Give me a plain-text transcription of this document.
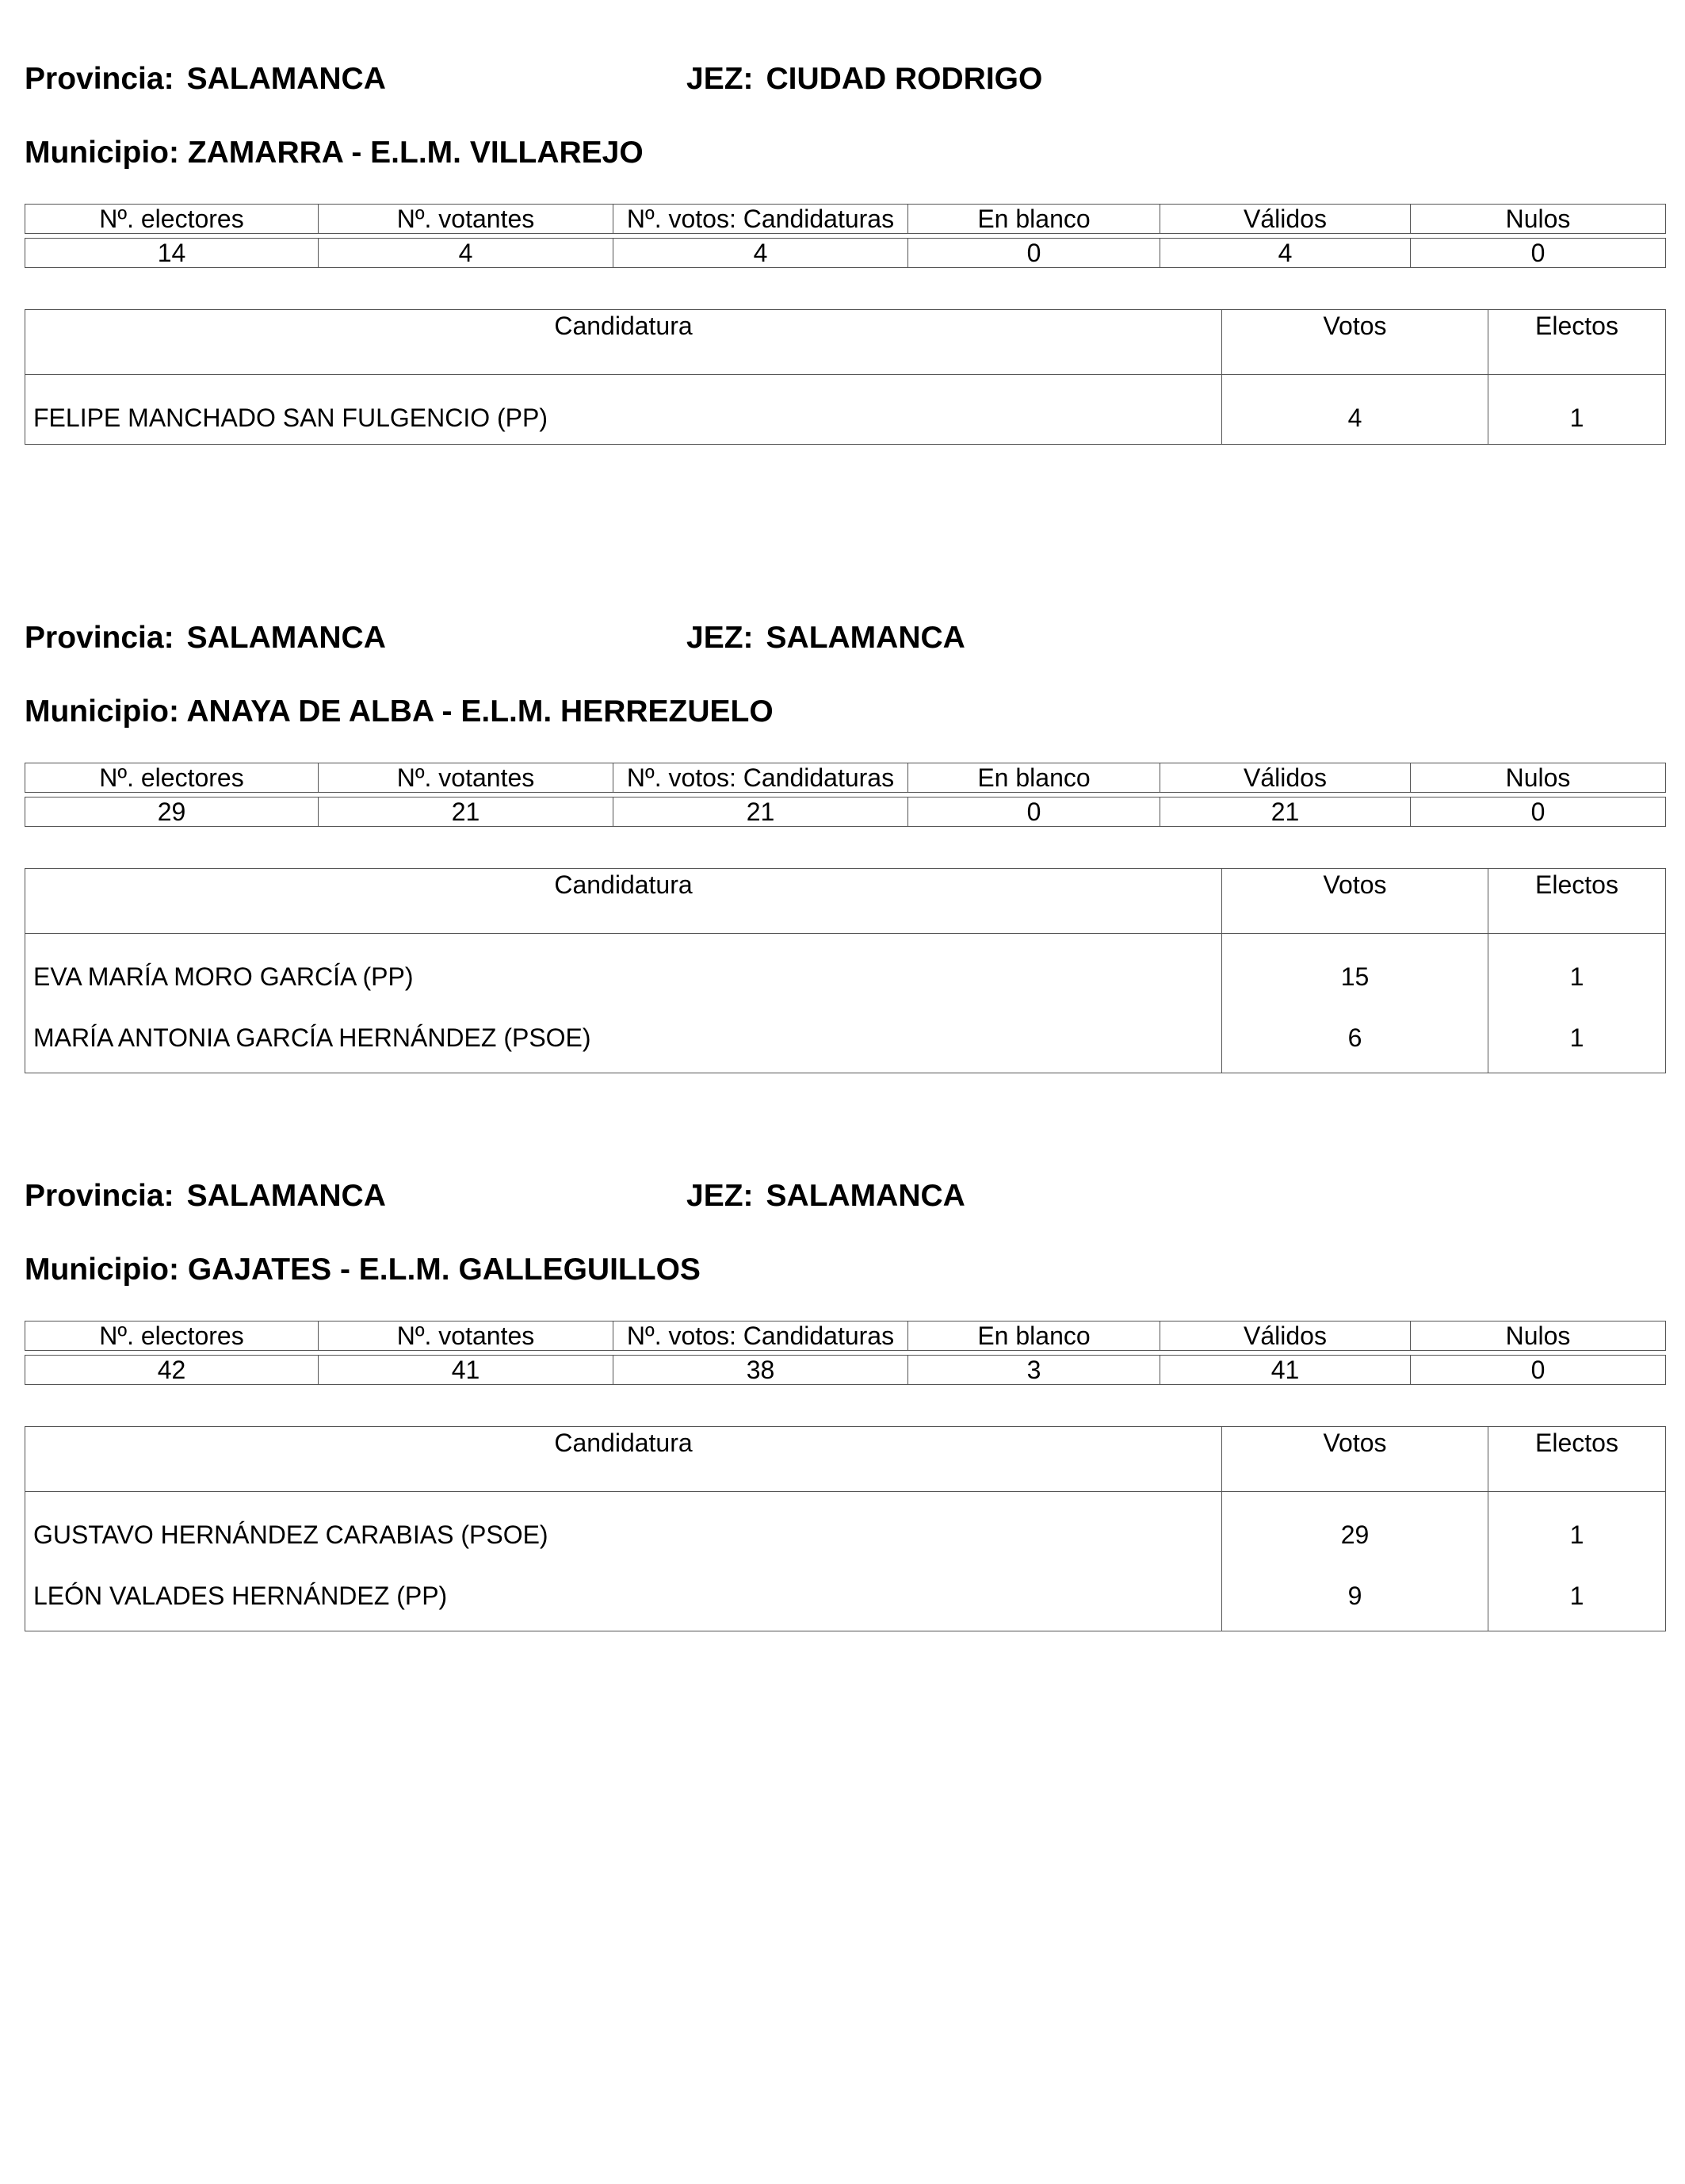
Provincia: SALAMANCA	JEZ: CIUDAD RODRIGO
Municipio: ZAMARRA - E.L.M. VILLAREJO
Nº. electores	Nº. votantes	Nº. votos: Candidaturas	En blanco	Válidos	Nulos

14	4	4	0	4	0
Candidatura	Votos	Electos
FELIPE MANCHADO SAN FULGENCIO (PP)	4	1
Provincia: SALAMANCA	JEZ: SALAMANCA
Municipio: ANAYA DE ALBA - E.L.M. HERREZUELO
Nº. electores	Nº. votantes	Nº. votos: Candidaturas	En blanco	Válidos	Nulos

29	21	21	0	21	0
Candidatura	Votos	Electos
EVA MARÍA MORO GARCÍA (PP)	15	1
MARÍA ANTONIA GARCÍA HERNÁNDEZ (PSOE)	6	1
Provincia: SALAMANCA	JEZ: SALAMANCA
Municipio: GAJATES - E.L.M. GALLEGUILLOS
Nº. electores	Nº. votantes	Nº. votos: Candidaturas	En blanco	Válidos	Nulos

42	41	38	3	41	0
Candidatura	Votos	Electos
GUSTAVO HERNÁNDEZ CARABIAS (PSOE)	29	1
LEÓN VALADES HERNÁNDEZ (PP)	9	1
